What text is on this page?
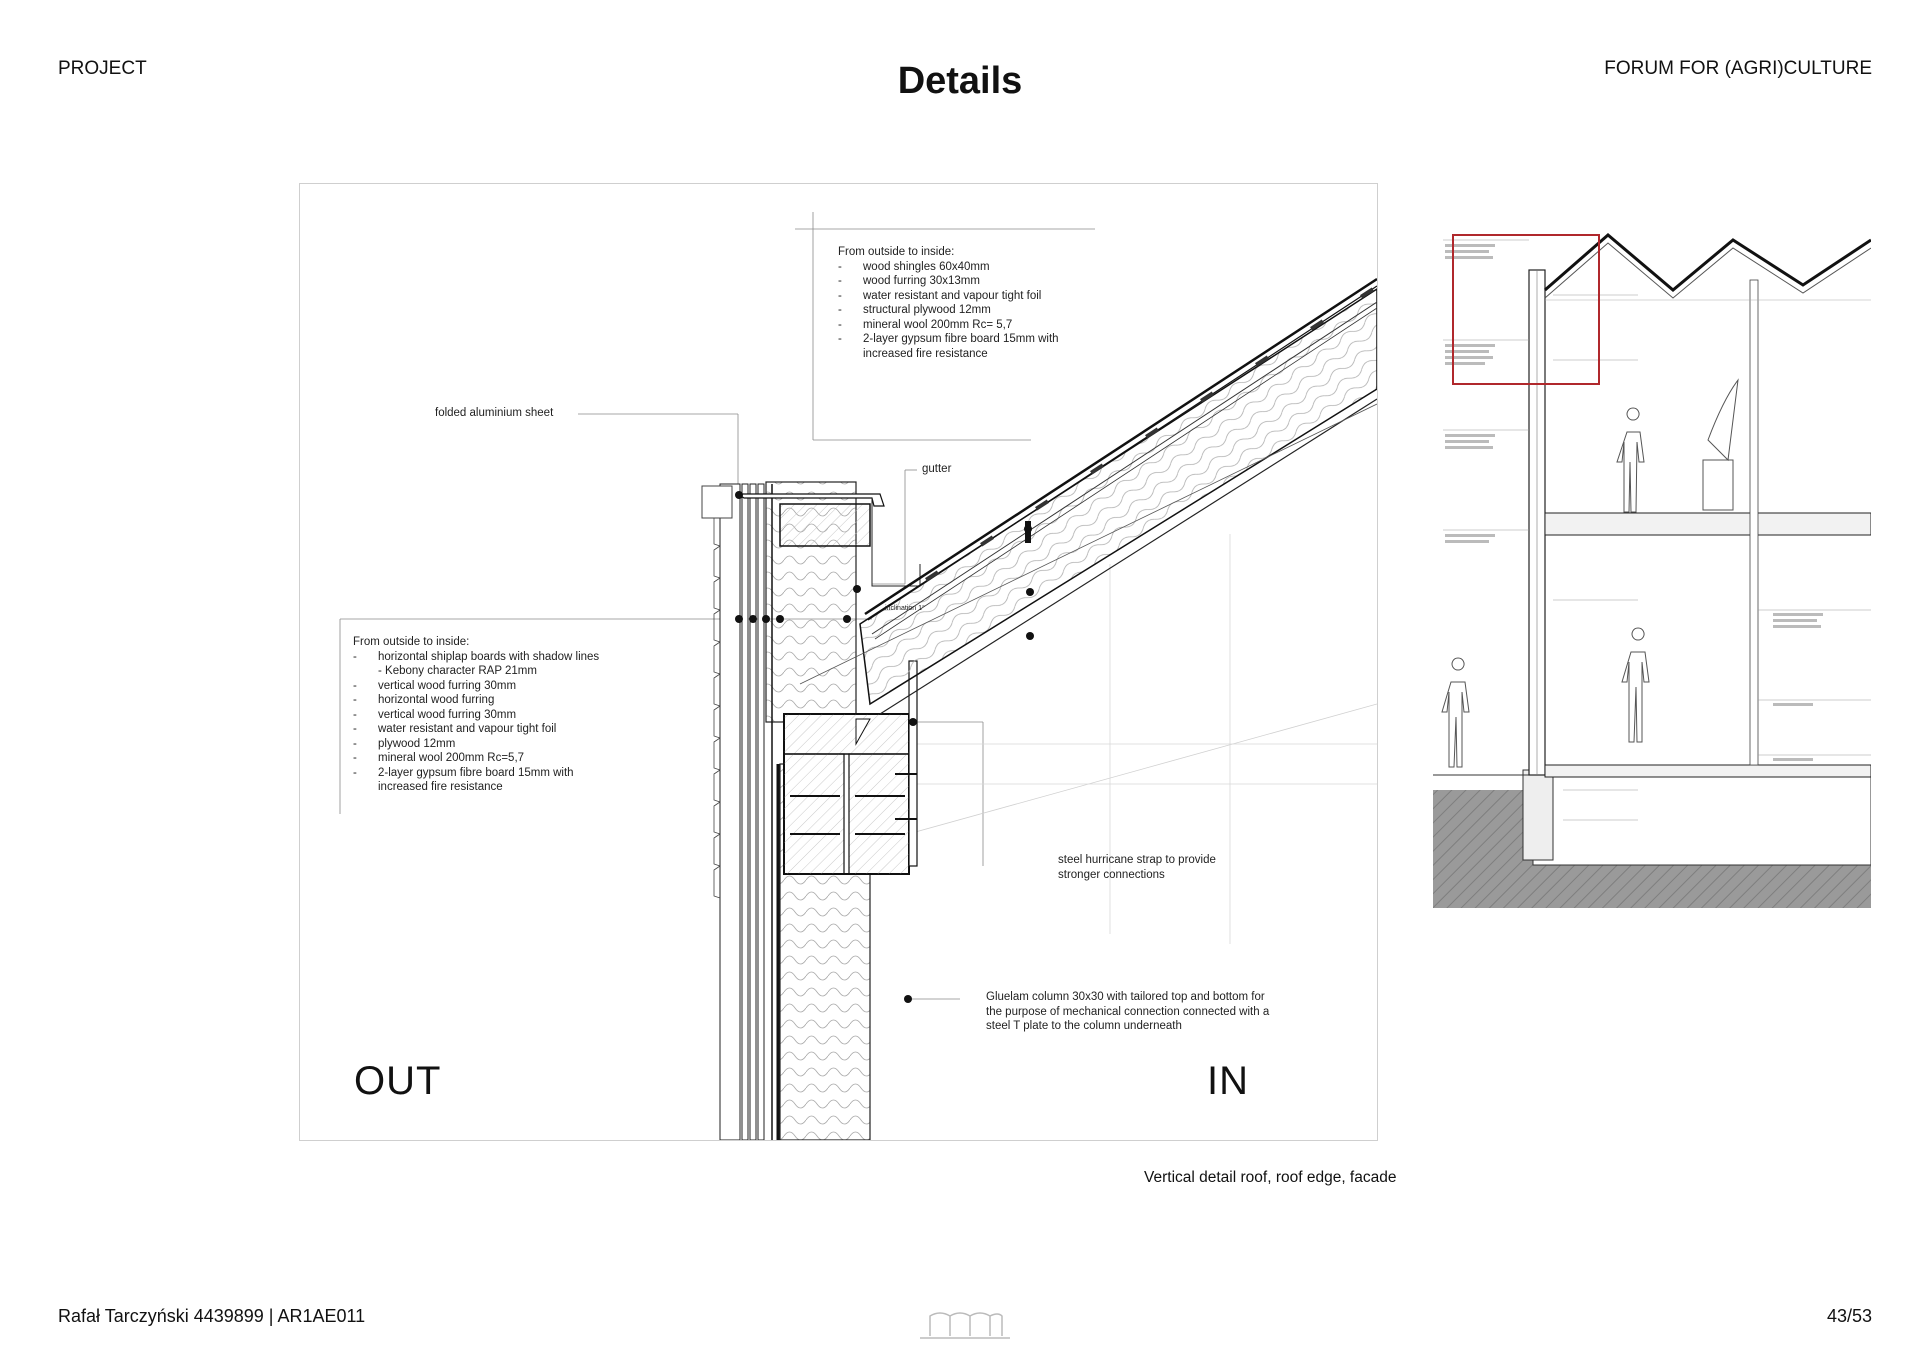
PROJECT	Details	FORUM FOR (AGRI)CULTURE
From outside to inside:
- wood shingles 60x40mm
- wood furring 30x13mm
- water resistant and vapour tight foil
- structural plywood 12mm
- mineral wool 200mm Rc= 5,7
- 2-layer gypsum fibre board 15mm with
increased fire resistance
From outside to inside:
- horizontal shiplap boards with shadow lines
- Kebony character RAP 21mm
- vertical wood furring 30mm
- horizontal wood furring
- vertical wood furring 30mm
- water resistant and vapour tight foil
- plywood 12mm
- mineral wool 200mm Rc=5,7
- 2-layer gypsum fibre board 15mm with
increased fire resistance
folded aluminium sheet
gutter
inclination 1°
steel hurricane strap to provide
stronger connections
Gluelam column 30x30 with tailored top and bottom for
the purpose of mechanical connection connected with a
steel T plate to the column underneath
OUT	IN
Vertical detail roof, roof edge, facade
Rafał Tarczyński 4439899 | AR1AE011	43/53
